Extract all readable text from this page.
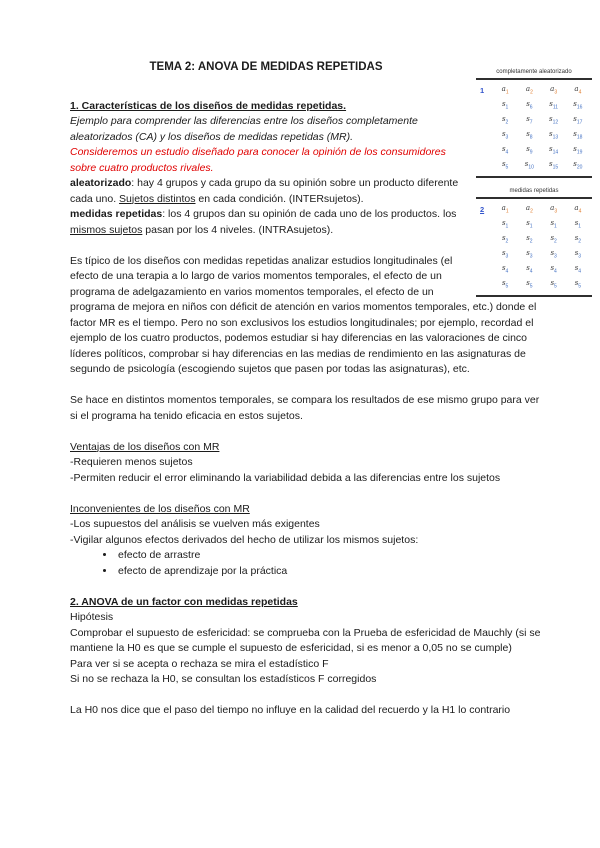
TEMA 2: ANOVA DE MEDIDAS REPETIDAS

1. Características de los diseños de medidas repetidas.

Ejemplo para comprender las diferencias entre los diseños completamente aleatorizados (CA) y los diseños de medidas repetidas (MR).

Consideremos un estudio diseñado para conocer la opinión de los consumidores sobre cuatro productos rivales.

aleatorizado: hay 4 grupos y cada grupo da su opinión sobre un producto diferente cada uno. Sujetos distintos en cada condición. (INTERsujetos).

medidas repetidas: los 4 grupos dan su opinión de cada uno de los productos. los mismos sujetos pasan por los 4 niveles. (INTRAsujetos).

Es típico de los diseños con medidas repetidas analizar estudios longitudinales (el efecto de una terapia a lo largo de varios momentos temporales, el efecto de un programa de adelgazamiento en varios momentos temporales, el efecto de un programa de mejora en niños con déficit de atención en varios momentos temporales, etc.) donde el factor MR es el tiempo. Pero no son exclusivos los estudios longitudinales; por ejemplo, recordad el ejemplo de los cuatro productos, podemos estudiar si hay diferencias en las valoraciones de cinco líderes políticos, comprobar si hay diferencias en las medias de rendimiento en las asignaturas de segundo de psicología (escogiendo sujetos que pasen por todas las asignaturas), etc.

Se hace en distintos momentos temporales, se compara los resultados de ese mismo grupo para ver si el programa ha tenido eficacia en estos sujetos.

Ventajas de los diseños con MR

-Requieren menos sujetos

-Permiten reducir el error eliminando la variabilidad debida a las diferencias entre los sujetos

Inconvenientes de los diseños con MR

-Los supuestos del análisis se vuelven más exigentes

-Vigilar algunos efectos derivados del hecho de utilizar los mismos sujetos:

• efecto de arrastre
• efecto de aprendizaje por la práctica

2. ANOVA de un factor con medidas repetidas

Hipótesis

Comprobar el supuesto de esfericidad: se comprueba con la Prueba de esfericidad de Mauchly (si se mantiene la H0 es que se cumple el supuesto de esfericidad, si es menor a 0,05 no se cumple)

Para ver si se acepta o rechaza se mira el estadístico F

Si no se rechaza la H0, se consultan los estadísticos F corregidos

La H0 nos dice que el paso del tiempo no influye en la calidad del recuerdo y la H1 lo contrario

completamente aleatorizado
1	$a_1$	$a_2$	$a_3$	$a_4$
$s_1$	$s_6$	$s_{11}$	$s_{16}$
$s_2$	$s_7$	$s_{12}$	$s_{17}$
$s_3$	$s_8$	$s_{13}$	$s_{18}$
$s_4$	$s_9$	$s_{14}$	$s_{19}$
$s_5$	$s_{10}$	$s_{15}$	$s_{20}$
medidas repetidas
2	$a_1$	$a_2$	$a_3$	$a_4$
$s_1$	$s_1$	$s_1$	$s_1$
$s_2$	$s_2$	$s_2$	$s_2$
$s_3$	$s_3$	$s_3$	$s_3$
$s_4$	$s_4$	$s_4$	$s_4$
$s_5$	$s_5$	$s_5$	$s_5$
